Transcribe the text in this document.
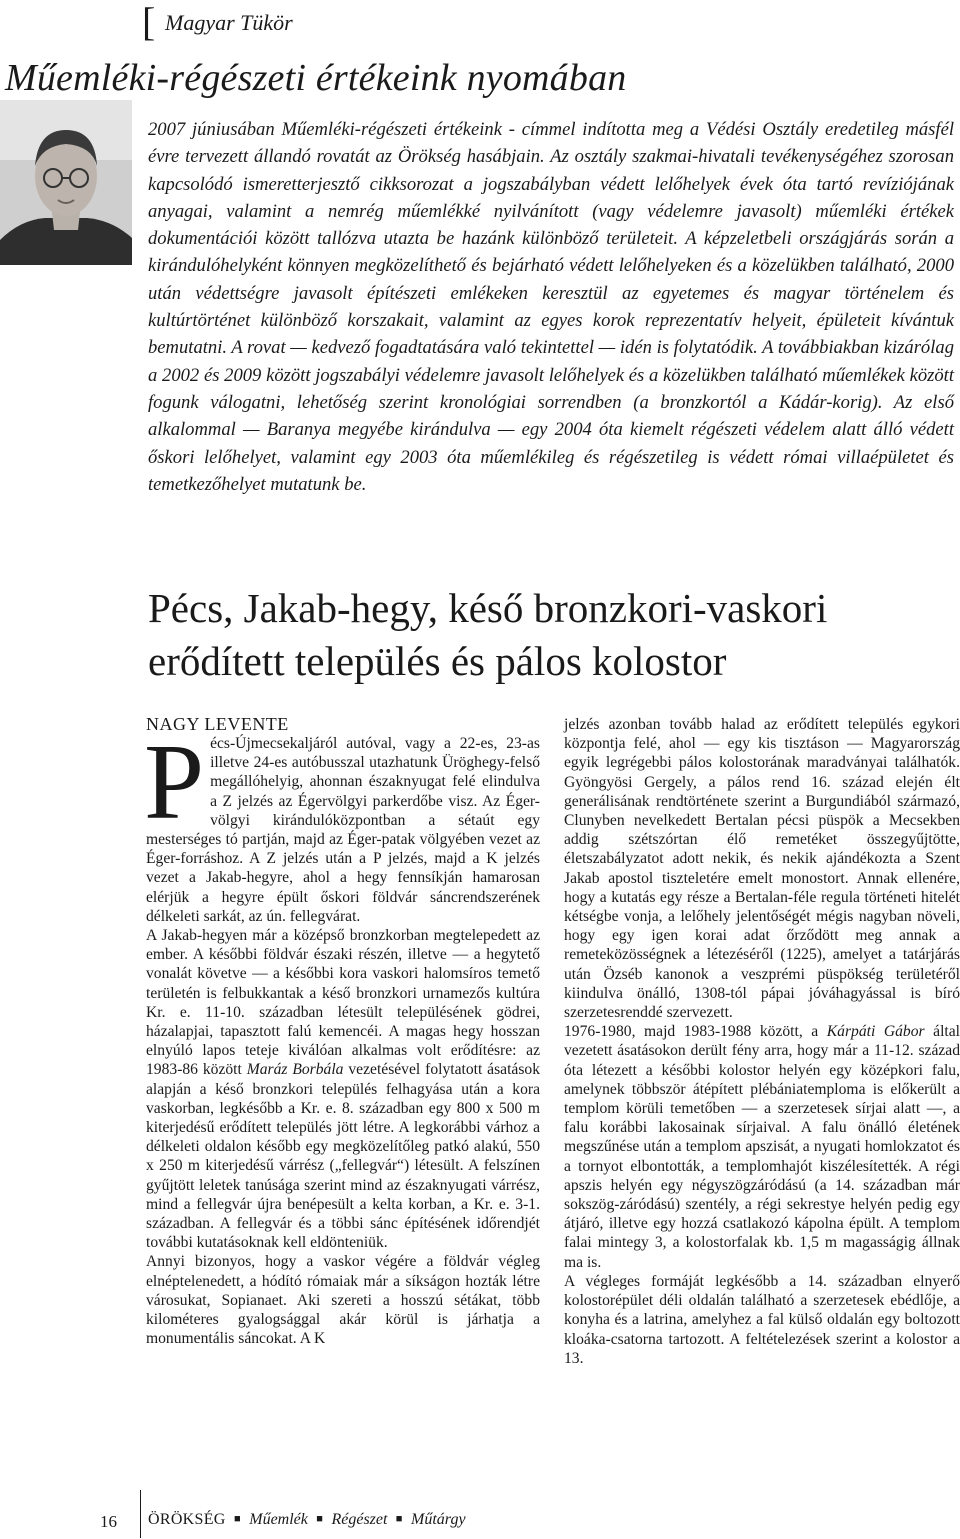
[ Magyar Tükör
Műemléki-régészeti értékeink nyomában

2007 júniusában Műemléki-régészeti értékeink - címmel indította meg a Védési Osztály eredetileg másfél évre tervezett állandó rovatát az Örökség hasábjain. Az osztály szakmai-hivatali tevékenységéhez szorosan kapcsolódó ismeretterjesztő cikksorozat a jogszabályban védett lelőhelyek évek óta tartó revíziójának anyagai, valamint a nemrég műemlékké nyilvánított (vagy védelemre javasolt) műemléki értékek dokumentációi között tallózva utazta be hazánk különböző területeit. A képzeletbeli országjárás során a kirándulóhelyként könnyen megközelíthető és bejárható védett lelőhelyeken és a közelükben található, 2000 után védettségre javasolt építészeti emlékeken keresztül az egyetemes és magyar történelem és kultúrtörténet különböző korszakait, valamint az egyes korok reprezentatív helyeit, épületeit kívántuk bemutatni. A rovat — kedvező fogadtatására való tekintettel — idén is folytatódik. A továbbiakban kizárólag a 2002 és 2009 között jogszabályi védelemre javasolt lelőhelyek és a közelükben található műemlékek között fogunk válogatni, lehetőség szerint kronológiai sorrendben (a bronzkortól a Kádár-korig). Az első alkalommal — Baranya megyébe kirándulva — egy 2004 óta kiemelt régészeti védelem alatt álló védett őskori lelőhelyet, valamint egy 2003 óta műemlékileg és régészetileg is védett római villaépületet és temetkezőhelyet mutatunk be.

Pécs, Jakab-hegy, késő bronzkori-vaskori erődített település és pálos kolostor
NAGY LEVENTE

Pécs-Újmecsekaljáról autóval, vagy a 22-es, 23-as illetve 24-es autóbusszal utazhatunk Üröghegy-felső megállóhelyig, ahonnan északnyugat felé elindulva a Z jelzés az Égervölgyi parkerdőbe visz. Az Éger-völgyi kirándulóközpontban a sétaút egy mesterséges tó partján, majd az Éger-patak völgyében vezet az Éger-forráshoz. A Z jelzés után a P jelzés, majd a K jelzés vezet a Jakab-hegyre, ahol a hegy fennsíkján hamarosan elérjük a hegyre épült őskori földvár sáncrendszerének délkeleti sarkát, az ún. fellegvárat.

A Jakab-hegyen már a középső bronzkorban megtelepedett az ember. A későbbi földvár északi részén, illetve — a hegytető vonalát követve — a későbbi kora vaskori halomsíros temető területén is felbukkantak a késő bronzkori urnamezős kultúra Kr. e. 11-10. században létesült településének gödrei, házalapjai, tapasztott falú kemencéi. A magas hegy hosszan elnyúló lapos teteje kiválóan alkalmas volt erődítésre: az 1983-86 között Maráz Borbála vezetésével folytatott ásatások alapján a késő bronzkori település felhagyása után a kora vaskorban, legkésőbb a Kr. e. 8. században egy 800 x 500 m kiterjedésű erődített település jött létre. A legkorábbi várhoz a délkeleti oldalon később egy megközelítőleg patkó alakú, 550 x 250 m kiterjedésű várrész („fellegvár“) létesült. A felszínen gyűjtött leletek tanúsága szerint mind az északnyugati várrész, mind a fellegvár újra benépesült a kelta korban, a Kr. e. 3-1. században. A fellegvár és a többi sánc építésének időrendjét további kutatásoknak kell eldönteniük.

Annyi bizonyos, hogy a vaskor végére a földvár végleg elnéptelenedett, a hódító rómaiak már a síkságon hozták létre városukat, Sopianaet. Aki szereti a hosszú sétákat, több kilométeres gyalogsággal akár körül is járhatja a monumentális sáncokat. A K

jelzés azonban tovább halad az erődített település egykori központja felé, ahol — egy kis tisztáson — Magyarország egyik legrégebbi pálos kolostorának maradványai találhatók. Gyöngyösi Gergely, a pálos rend 16. század elején élt generálisának rendtörténete szerint a Burgundiából származó, Clunyben nevelkedett Bertalan pécsi püspök a Mecsekben addig szétszórtan élő remetéket összegyűjtötte, életszabályzatot adott nekik, és nekik ajándékozta a Szent Jakab apostol tiszteletére emelt monostort. Annak ellenére, hogy a kutatás egy része a Bertalan-féle regula történeti hitelét kétségbe vonja, a lelőhely jelentőségét mégis nagyban növeli, hogy egy igen korai adat őrződött meg annak a remeteközösségnek a létezéséről (1225), amelyet a tatárjárás után Özséb kanonok a veszprémi püspökség területéről kiindulva önálló, 1308-tól pápai jóváhagyással is bíró szerzetesrenddé szervezett.

1976-1980, majd 1983-1988 között, a Kárpáti Gábor által vezetett ásatásokon derült fény arra, hogy már a 11-12. század óta létezett a későbbi kolostor helyén egy középkori falu, amelynek többször átépített plébániatemploma is előkerült a templom körüli temetőben — a szerzetesek sírjai alatt —, a falu korábbi lakosainak sírjaival. A falu önálló életének megszűnése után a templom apszisát, a nyugati homlokzatot és a tornyot elbontották, a templomhajót kiszélesítették. A régi apszis helyén egy négyszögzáródású (a 14. században már sokszög-záródású) szentély, a régi sekrestye helyén pedig egy átjáró, illetve egy hozzá csatlakozó kápolna épült. A templom falai mintegy 3, a kolostorfalak kb. 1,5 m magasságig állnak ma is.

A végleges formáját legkésőbb a 14. században elnyerő kolostorépület déli oldalán található a szerzetesek ebédlője, a konyha és a latrina, amelyhez a fal külső oldalán egy boltozott kloáka-csatorna tartozott. A feltételezések szerint a kolostor a 13.

16 ÖRÖKSÉG ■ Műemlék ■ Régészet ■ Műtárgy
